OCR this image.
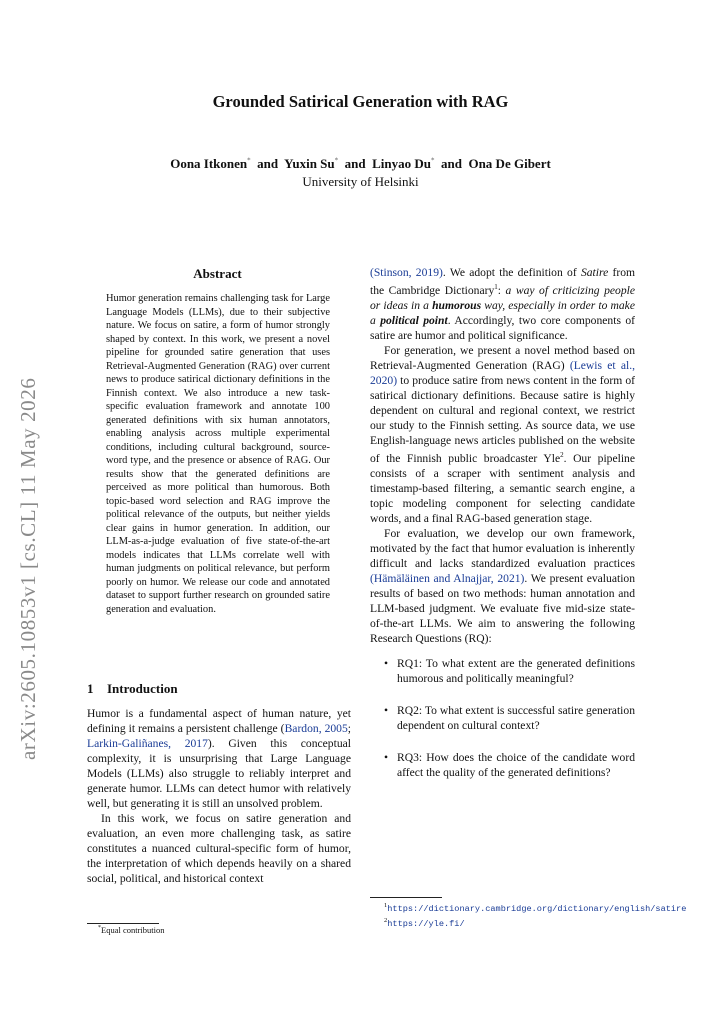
arXiv:2605.10853v1 [cs.CL] 11 May 2026
Grounded Satirical Generation with RAG
Oona Itkonen* and Yuxin Su* and Linyao Du* and Ona De Gibert
University of Helsinki
Abstract

Humor generation remains challenging task for Large Language Models (LLMs), due to their subjective nature. We focus on satire, a form of humor strongly shaped by context. In this work, we present a novel pipeline for grounded satire generation that uses Retrieval-Augmented Generation (RAG) over current news to produce satirical dictionary definitions in the Finnish context. We also introduce a new task-specific evaluation framework and annotate 100 generated definitions with six human annotators, enabling analysis across multiple experimental conditions, including cultural background, source-word type, and the presence or absence of RAG. Our results show that the generated definitions are perceived as more political than humorous. Both topic-based word selection and RAG improve the political relevance of the outputs, but neither yields clear gains in humor generation. In addition, our LLM-as-a-judge evaluation of five state-of-the-art models indicates that LLMs correlate well with human judgments on political relevance, but perform poorly on humor. We release our code and annotated dataset to support further research on grounded satire generation and evaluation.

1 Introduction

Humor is a fundamental aspect of human nature, yet defining it remains a persistent challenge (Bardon, 2005; Larkin-Galiñanes, 2017). Given this conceptual complexity, it is unsurprising that Large Language Models (LLMs) also struggle to reliably interpret and generate humor. LLMs can detect humor with relatively well, but generating it is still an unsolved problem.

In this work, we focus on satire generation and evaluation, an even more challenging task, as satire constitutes a nuanced cultural-specific form of humor, the interpretation of which depends heavily on a shared social, political, and historical context

(Stinson, 2019). We adopt the definition of Satire from the Cambridge Dictionary$^1$: a way of criticizing people or ideas in a humorous way, especially in order to make a political point. Accordingly, two core components of satire are humor and political significance.

For generation, we present a novel method based on Retrieval-Augmented Generation (RAG) (Lewis et al., 2020) to produce satire from news content in the form of satirical dictionary definitions. Because satire is highly dependent on cultural and regional context, we restrict our study to the Finnish setting. As source data, we use English-language news articles published on the website of the Finnish public broadcaster Yle$^2$. Our pipeline consists of a scraper with sentiment analysis and timestamp-based filtering, a semantic search engine, a topic modeling component for selecting candidate words, and a final RAG-based generation stage.

For evaluation, we develop our own framework, motivated by the fact that humor evaluation is inherently difficult and lacks standardized evaluation practices (Hämäläinen and Alnajjar, 2021). We present evaluation results of based on two methods: human annotation and LLM-based judgment. We evaluate five mid-size state-of-the-art LLMs. We aim to answering the following Research Questions (RQ):

• RQ1: To what extent are the generated definitions humorous and politically meaningful?
• RQ2: To what extent is successful satire generation dependent on cultural context?
• RQ3: How does the choice of the candidate word affect the quality of the generated definitions?
*Equal contribution
$^1$https://dictionary.cambridge.org/dictionary/english/satire
$^2$https://yle.fi/
